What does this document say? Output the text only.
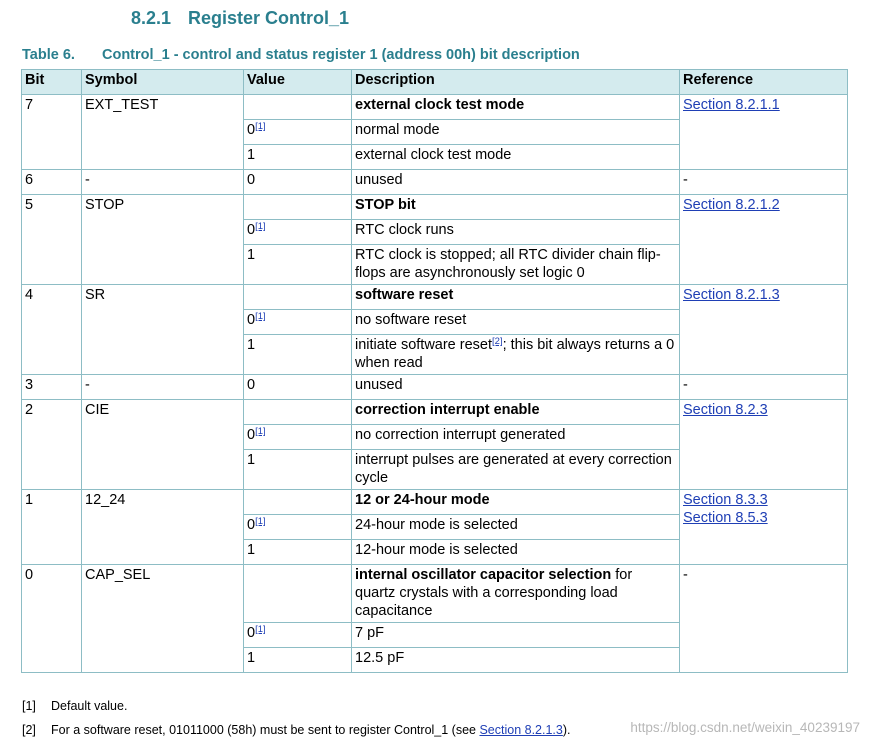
8.2.1 Register Control_1
Table 6. Control_1 - control and status register 1 (address 00h) bit description
Bit	Symbol	Value	Description	Reference
7	EXT_TEST		external clock test mode	Section 8.2.1.1

		0[1]	normal mode	
		1	external clock test mode	
6	-	0	unused	-
5	STOP		STOP bit	Section 8.2.1.2

		0[1]	RTC clock runs	
		1	RTC clock is stopped; all RTC divider chain flip-flops are asynchronously set logic 0	
4	SR		software reset	Section 8.2.1.3

		0[1]	no software reset	
		1	initiate software reset[2]; this bit always returns a 0 when read	
3	-	0	unused	-
2	CIE		correction interrupt enable	Section 8.2.3

		0[1]	no correction interrupt generated	
		1	interrupt pulses are generated at every correction cycle	
1	12_24		12 or 24-hour mode	Section 8.3.3
Section 8.5.3

		0[1]	24-hour mode is selected	
		1	12-hour mode is selected	
0	CAP_SEL		internal oscillator capacitor selection for quartz crystals with a corresponding load capacitance	-
		0[1]	7 pF	
		1	12.5 pF	
[1] Default value.
[2] For a software reset, 01011000 (58h) must be sent to register Control_1 (see Section 8.2.1.3).	https://blog.csdn.net/weixin_40239197
